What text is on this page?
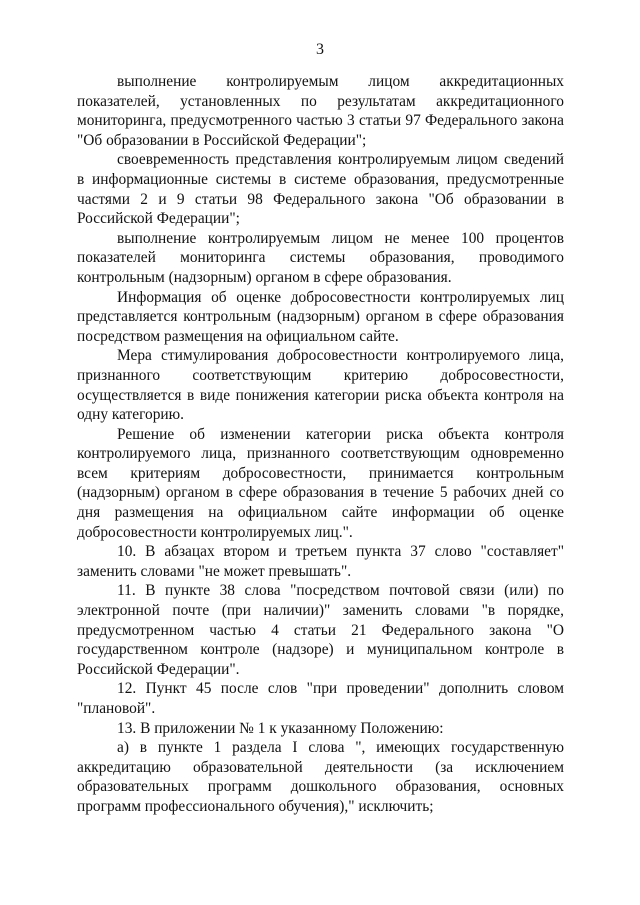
3

выполнение контролируемым лицом аккредитационных показателей, установленных по результатам аккредитационного мониторинга, предусмотренного частью 3 статьи 97 Федерального закона "Об образовании в Российской Федерации";

своевременность представления контролируемым лицом сведений в информационные системы в системе образования, предусмотренные частями 2 и 9 статьи 98 Федерального закона "Об образовании в Российской Федерации";

выполнение контролируемым лицом не менее 100 процентов показателей мониторинга системы образования, проводимого контрольным (надзорным) органом в сфере образования.

Информация об оценке добросовестности контролируемых лиц представляется контрольным (надзорным) органом в сфере образования посредством размещения на официальном сайте.

Мера стимулирования добросовестности контролируемого лица, признанного соответствующим критерию добросовестности, осуществляется в виде понижения категории риска объекта контроля на одну категорию.

Решение об изменении категории риска объекта контроля контролируемого лица, признанного соответствующим одновременно всем критериям добросовестности, принимается контрольным (надзорным) органом в сфере образования в течение 5 рабочих дней со дня размещения на официальном сайте информации об оценке добросовестности контролируемых лиц.".

10. В абзацах втором и третьем пункта 37 слово "составляет" заменить словами "не может превышать".

11. В пункте 38 слова "посредством почтовой связи (или) по электронной почте (при наличии)" заменить словами "в порядке, предусмотренном частью 4 статьи 21 Федерального закона "О государственном контроле (надзоре) и муниципальном контроле в Российской Федерации".

12. Пункт 45 после слов "при проведении" дополнить словом "плановой".

13. В приложении № 1 к указанному Положению:

а) в пункте 1 раздела I слова ", имеющих государственную аккредитацию образовательной деятельности (за исключением образовательных программ дошкольного образования, основных программ профессионального обучения)," исключить;
